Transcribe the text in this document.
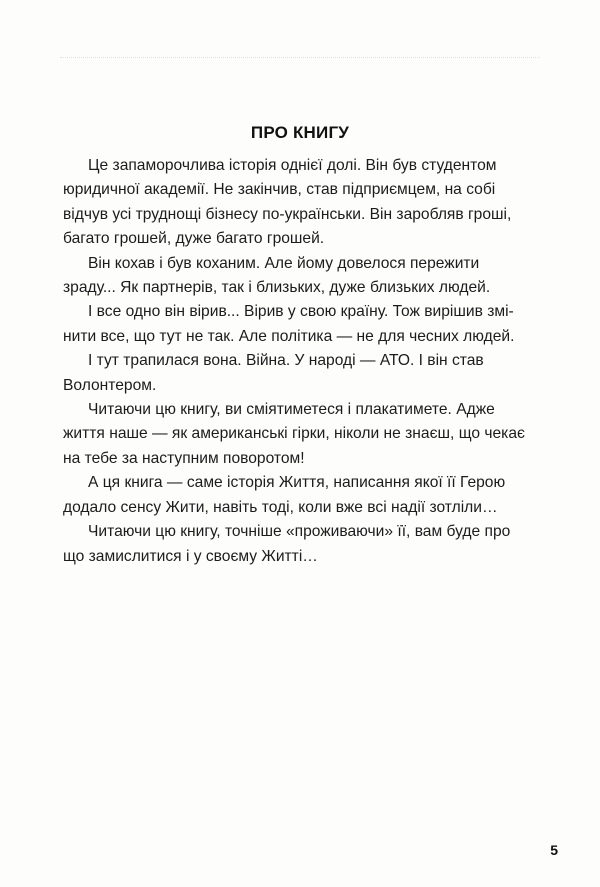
ПРО КНИГУ

Це запаморочлива історія однієї долі. Він був студентом
юридичної академії. Не закінчив, став підприємцем, на собі
відчув усі труднощі бізнесу по-українськи. Він заробляв гроші,
багато грошей, дуже багато грошей.

Він кохав і був коханим. Але йому довелося пережити
зраду... Як партнерів, так і близьких, дуже близьких людей.

І все одно він вірив... Вірив у свою країну. Тож вирішив змі-
нити все, що тут не так. Але політика — не для чесних людей.

І тут трапилася вона. Війна. У народі — АТО. І він став
Волонтером.

Читаючи цю книгу, ви сміятиметеся і плакатимете. Адже
життя наше — як американські гірки, ніколи не знаєш, що чекає
на тебе за наступним поворотом!

А ця книга — саме історія Життя, написання якої її Герою
додало сенсу Жити, навіть тоді, коли вже всі надії зотліли…

Читаючи цю книгу, точніше «проживаючи» її, вам буде про
що замислитися і у своєму Житті…

5
